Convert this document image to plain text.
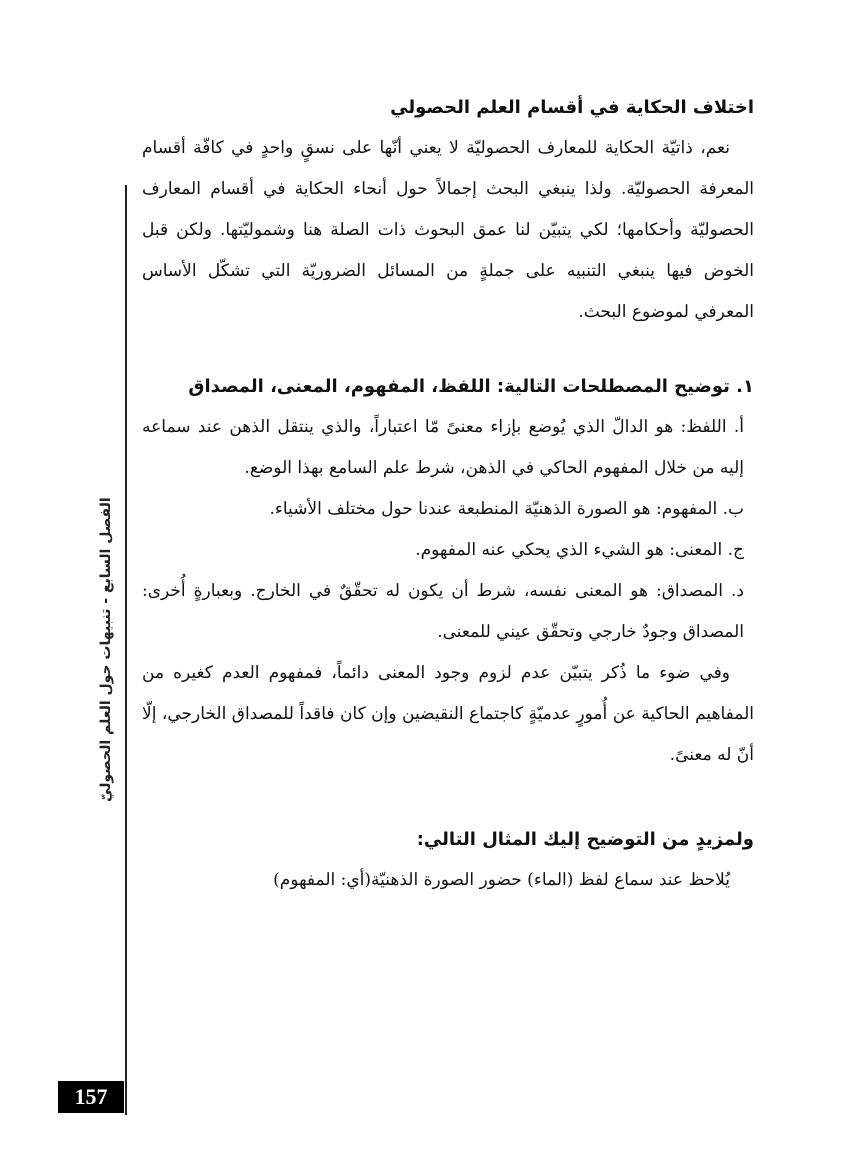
الفصل السابع - تنبيهات حول العلم الحصوليّ
157

اختلاف الحكاية في أقسام العلم الحصولي

نعم، ذاتيّة الحكاية للمعارف الحصوليّة لا يعني أنّها على نسقٍ واحدٍ في كافّة أقسام المعرفة الحصوليّة. ولذا ينبغي البحث إجمالاً حول أنحاء الحكاية في أقسام المعارف الحصوليّة وأحكامها؛ لكي يتبيّن لنا عمق البحوث ذات الصلة هنا وشموليّتها. ولكن قبل الخوض فيها ينبغي التنبيه على جملةٍ من المسائل الضروريّة التي تشكّل الأساس المعرفي لموضوع البحث.

١. توضيح المصطلحات التالية: اللفظ، المفهوم، المعنى، المصداق

أ. اللفظ: هو الدالّ الذي يُوضع بإزاء معنىً مّا اعتباراً، والذي ينتقل الذهن عند سماعه إليه من خلال المفهوم الحاكي في الذهن، شرط علم السامع بهذا الوضع.

ب. المفهوم: هو الصورة الذهنيّة المنطبعة عندنا حول مختلف الأشياء.

ج. المعنى: هو الشيء الذي يحكي عنه المفهوم.

د. المصداق: هو المعنى نفسه، شرط أن يكون له تحقّقٌ في الخارج. وبعبارةٍ أُخرى: المصداق وجودٌ خارجي وتحقّق عيني للمعنى.

وفي ضوء ما ذُكر يتبيّن عدم لزوم وجود المعنى دائماً، فمفهوم العدم كغيره من المفاهيم الحاكية عن أُمورٍ عدميّةٍ كاجتماع النقيضين وإن كان فاقداً للمصداق الخارجي، إلّا أنّ له معنىً.

ولمزيدٍ من التوضيح إليك المثال التالي:

يُلاحظ عند سماع لفظ (الماء) حضور الصورة الذهنيّة(أي: المفهوم)
